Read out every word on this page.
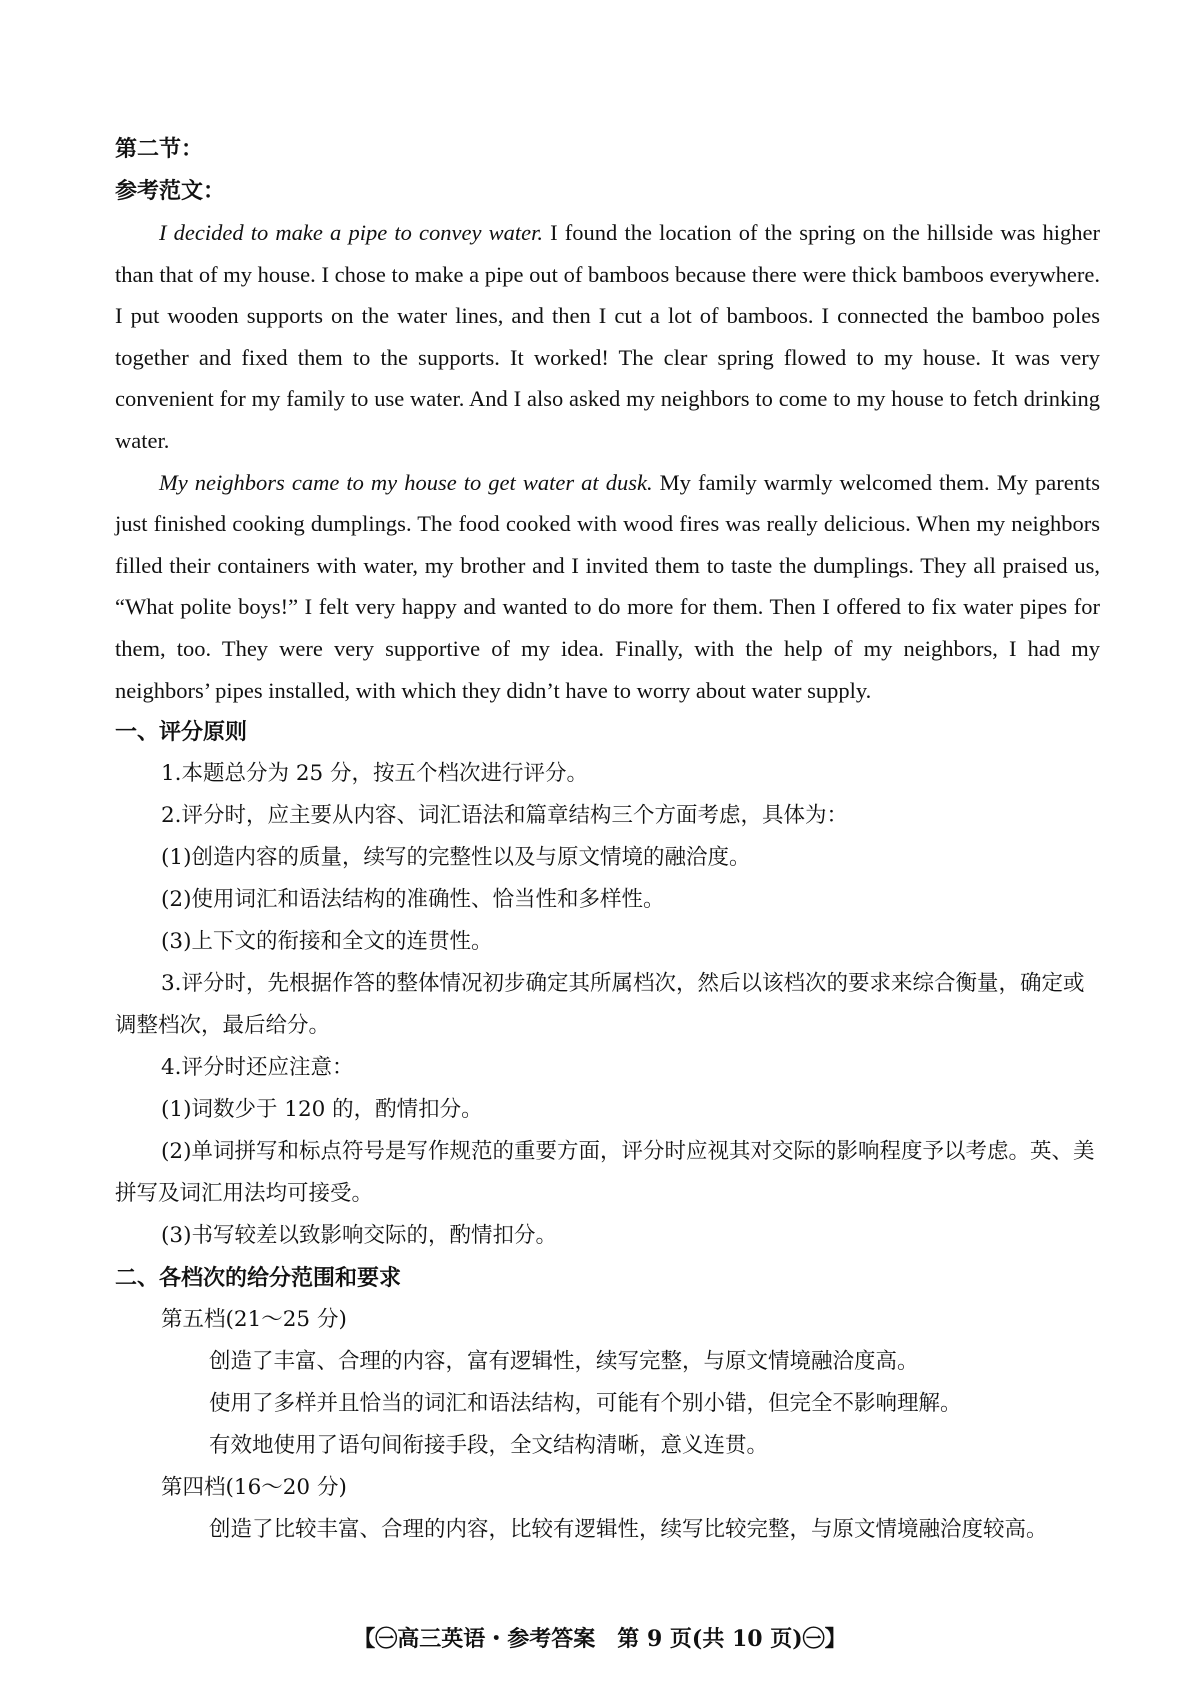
第二节：

参考范文：

I decided to make a pipe to convey water. I found the location of the spring on the hillside was higher than that of my house. I chose to make a pipe out of bamboos because there were thick bamboos everywhere. I put wooden supports on the water lines, and then I cut a lot of bamboos. I connected the bamboo poles together and fixed them to the supports. It worked! The clear spring flowed to my house. It was very convenient for my family to use water. And I also asked my neighbors to come to my house to fetch drinking water.

My neighbors came to my house to get water at dusk. My family warmly welcomed them. My parents just finished cooking dumplings. The food cooked with wood fires was really delicious. When my neighbors filled their containers with water, my brother and I invited them to taste the dumplings. They all praised us, “What polite boys!” I felt very happy and wanted to do more for them. Then I offered to fix water pipes for them, too. They were very supportive of my idea. Finally, with the help of my neighbors, I had my neighbors’ pipes installed, with which they didn’t have to worry about water supply.

一、评分原则

1.本题总分为 25 分，按五个档次进行评分。

2.评分时，应主要从内容、词汇语法和篇章结构三个方面考虑，具体为：

(1)创造内容的质量，续写的完整性以及与原文情境的融洽度。

(2)使用词汇和语法结构的准确性、恰当性和多样性。

(3)上下文的衔接和全文的连贯性。

3.评分时，先根据作答的整体情况初步确定其所属档次，然后以该档次的要求来综合衡量，确定或调整档次，最后给分。

4.评分时还应注意：

(1)词数少于 120 的，酌情扣分。

(2)单词拼写和标点符号是写作规范的重要方面，评分时应视其对交际的影响程度予以考虑。英、美拼写及词汇用法均可接受。

(3)书写较差以致影响交际的，酌情扣分。

二、各档次的给分范围和要求

第五档(21～25 分)

创造了丰富、合理的内容，富有逻辑性，续写完整，与原文情境融洽度高。

使用了多样并且恰当的词汇和语法结构，可能有个别小错，但完全不影响理解。

有效地使用了语句间衔接手段，全文结构清晰，意义连贯。

第四档(16～20 分)

创造了比较丰富、合理的内容，比较有逻辑性，续写比较完整，与原文情境融洽度较高。

【㊀高三英语・参考答案　第 9 页(共 10 页)㊀】
